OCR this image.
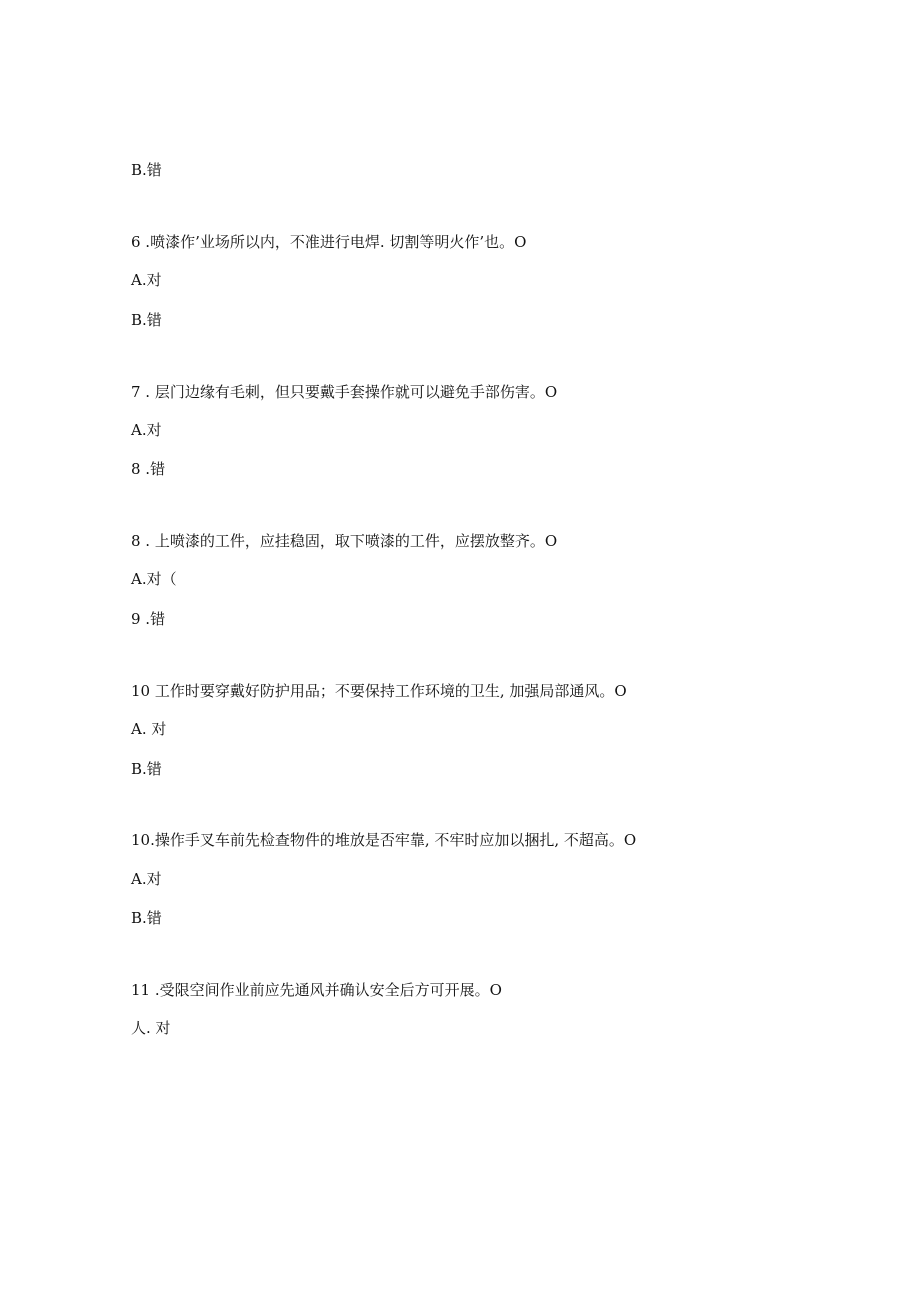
B.错
6 .喷漆作’业场所以内，不准进行电焊. 切割等明火作’也。O
A.对
B.错
7 . 层门边缘有毛刺，但只要戴手套操作就可以避免手部伤害。O
A.对
8 .错
8 . 上喷漆的工件，应挂稳固，取下喷漆的工件，应摆放整齐。O
A.对（
9 .错
10 工作时要穿戴好防护用品；不要保持工作环境的卫生, 加强局部通风。O
A. 对
B.错
10.操作手叉车前先检查物件的堆放是否牢靠, 不牢时应加以捆扎, 不超高。O
A.对
B.错
11 .受限空间作业前应先通风并确认安全后方可开展。O
人. 对
